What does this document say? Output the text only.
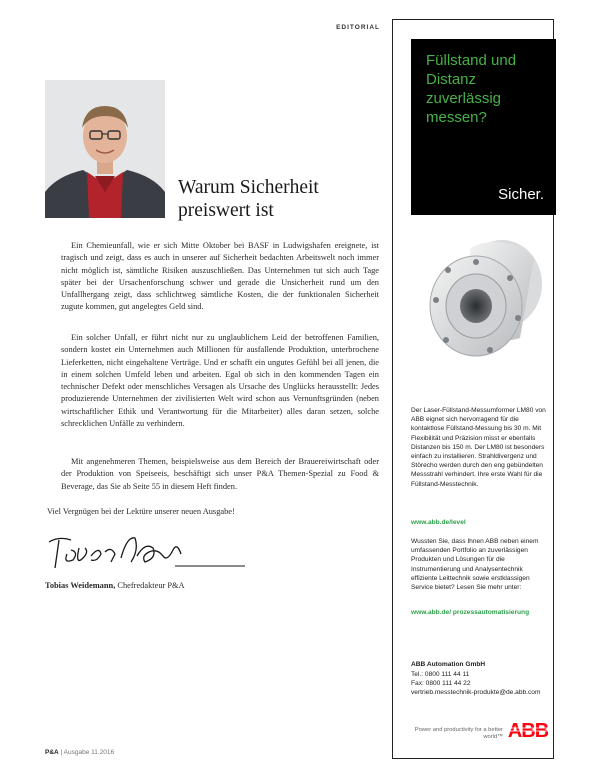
EDITORIAL
Warum Sicherheit preiswert ist

Ein Chemieunfall, wie er sich Mitte Oktober bei BASF in Ludwigshafen ereignete, ist tragisch und zeigt, dass es auch in unserer auf Sicherheit bedachten Arbeitswelt noch immer nicht möglich ist, sämtliche Risiken auszuschließen. Das Unternehmen tut sich auch Tage später bei der Ursachenforschung schwer und gerade die Unsicherheit rund um den Unfallhergang zeigt, dass schlichtweg sämtliche Kosten, die der funktionalen Sicherheit zugute kommen, gut angelegtes Geld sind.

Ein solcher Unfall, er führt nicht nur zu unglaublichem Leid der betroffenen Familien, sondern kostet ein Unternehmen auch Millionen für ausfallende Produktion, unterbrochene Lieferketten, nicht eingehaltene Verträge. Und er schafft ein ungutes Gefühl bei all jenen, die in einem solchen Umfeld leben und arbeiten. Egal ob sich in den kommenden Tagen ein technischer Defekt oder menschliches Versagen als Ursache des Unglücks herausstellt: Jedes produzierende Unternehmen der zivilisierten Welt wird schon aus Vernunftsgründen (neben wirtschaftlicher Ethik und Verantwortung für die Mitarbeiter) alles daran setzen, solche schrecklichen Unfälle zu verhindern.

Mit angenehmeren Themen, beispielsweise aus dem Bereich der Brauereiwirtschaft oder der Produktion von Speiseeis, beschäftigt sich unser P&A Themen-Spezial zu Food & Beverage, das Sie ab Seite 55 in diesem Heft finden.

Viel Vergnügen bei der Lektüre unserer neuen Ausgabe!

Tobias Weidemann, Chefredakteur P&A
P&A | Ausgabe 11.2016
Füllstand und Distanz zuverlässig messen?
Sicher.
Der Laser-Füllstand-Messumformer LM80 von ABB eignet sich hervorragend für die kontaktlose Füllstand-Messung bis 30 m. Mit Flexibilität und Präzision misst er ebenfalls Distanzen bis 150 m. Der LM80 ist besonders einfach zu installieren. Strahldivergenz und Störecho werden durch den eng gebündelten Messstrahl verhindert. Ihre erste Wahl für die Füllstand-Messtechnik.
www.abb.de/level
Wussten Sie, dass Ihnen ABB neben einem umfassenden Portfolio an zuverlässigen Produkten und Lösungen für die Instrumentierung und Analysentechnik effiziente Leittechnik sowie erstklassigen Service bietet? Lesen Sie mehr unter:
www.abb.de/ prozessautomatisierung
ABB Automation GmbH
Tel.: 0800 111 44 11
Fax: 0800 111 44 22
vertrieb.messtechnik-produkte@de.abb.com
Power and productivity for a better world™ ABB
